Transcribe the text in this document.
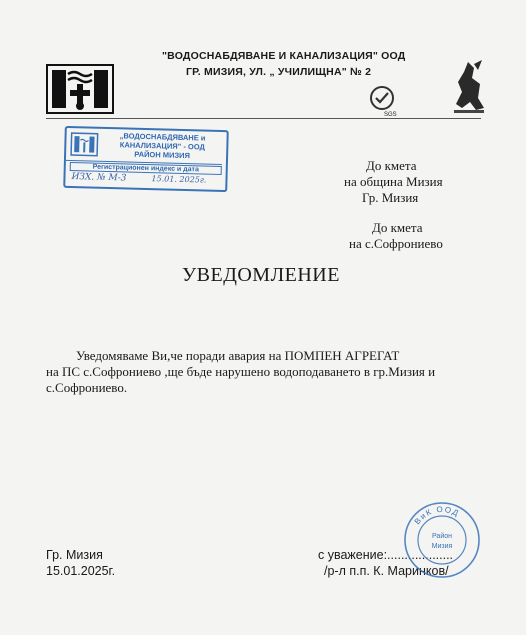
"ВОДОСНАБДЯВАНЕ И КАНАЛИЗАЦИЯ" ООД
ГР. МИЗИЯ, УЛ. „ УЧИЛИЩНА" № 2
SGS
„ВОДОСНАБДЯВАНЕ и
КАНАЛИЗАЦИЯ" - ООД
РАЙОН МИЗИЯ
Регистрационен индекс и дата
ИЗХ. № М-3	15.01. 2025г.
До кмета
на община Мизия
Гр. Мизия
До кмета
на с.Софрониево
УВЕДОМЛЕНИЕ
Уведомяваме Ви,че поради авария на ПОМПЕН АГРЕГАТ
на ПС с.Софрониево ,ще бъде нарушено водоподаването в гр.Мизия и
с.Софрониево.
Гр. Мизия
15.01.2025г.
с уважение:...................
/р-л п.п. К. Маринков/
ВиК ООД
Район
Мизия
